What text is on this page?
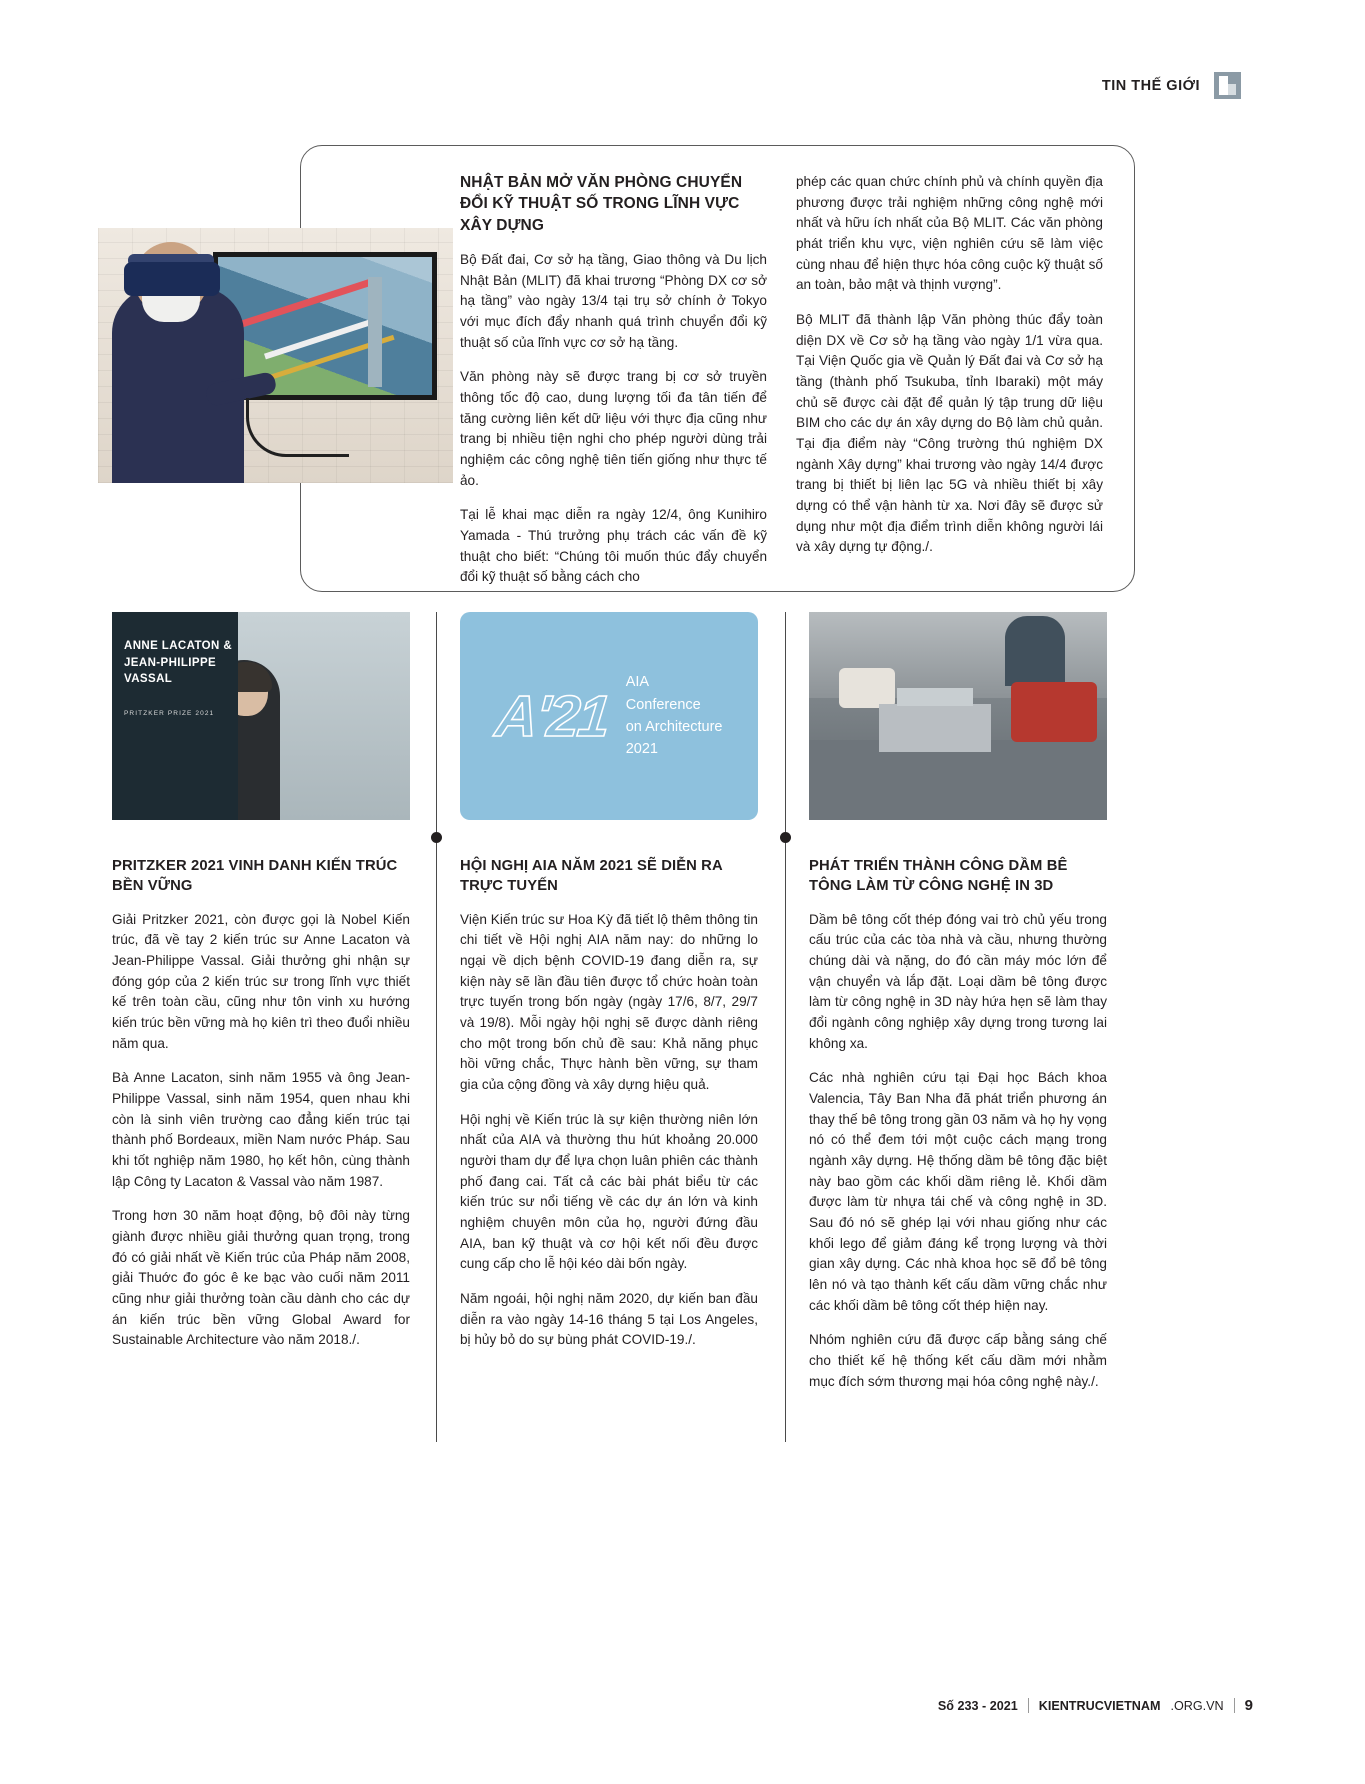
TIN THẾ GIỚI
NHẬT BẢN MỞ VĂN PHÒNG CHUYỂN ĐỔI KỸ THUẬT SỐ TRONG LĨNH VỰC XÂY DỰNG

Bộ Đất đai, Cơ sở hạ tầng, Giao thông và Du lịch Nhật Bản (MLIT) đã khai trương “Phòng DX cơ sở hạ tầng” vào ngày 13/4 tại trụ sở chính ở Tokyo với mục đích đẩy nhanh quá trình chuyển đổi kỹ thuật số của lĩnh vực cơ sở hạ tầng.

Văn phòng này sẽ được trang bị cơ sở truyền thông tốc độ cao, dung lượng tối đa tân tiến để tăng cường liên kết dữ liệu với thực địa cũng như trang bị nhiều tiện nghi cho phép người dùng trải nghiệm các công nghệ tiên tiến giống như thực tế ảo.

Tại lễ khai mạc diễn ra ngày 12/4, ông Kunihiro Yamada - Thú trưởng phụ trách các vấn đề kỹ thuật cho biết: “Chúng tôi muốn thúc đẩy chuyển đổi kỹ thuật số bằng cách cho

phép các quan chức chính phủ và chính quyền địa phương được trải nghiệm những công nghệ mới nhất và hữu ích nhất của Bộ MLIT. Các văn phòng phát triển khu vực, viện nghiên cứu sẽ làm việc cùng nhau để hiện thực hóa công cuộc kỹ thuật số an toàn, bảo mật và thịnh vượng”.

Bộ MLIT đã thành lập Văn phòng thúc đẩy toàn diện DX về Cơ sở hạ tầng vào ngày 1/1 vừa qua. Tại Viện Quốc gia về Quản lý Đất đai và Cơ sở hạ tầng (thành phố Tsukuba, tỉnh Ibaraki) một máy chủ sẽ được cài đặt để quản lý tập trung dữ liệu BIM cho các dự án xây dựng do Bộ làm chủ quản. Tại địa điểm này “Công trường thú nghiệm DX ngành Xây dựng” khai trương vào ngày 14/4 được trang bị thiết bị liên lạc 5G và nhiều thiết bị xây dựng có thể vận hành từ xa. Nơi đây sẽ được sử dụng như một địa điểm trình diễn không người lái và xây dựng tự động./.

ANNE LACATON & JEAN-PHILIPPE VASSAL
PRITZKER PRIZE 2021
PRITZKER 2021 VINH DANH KIẾN TRÚC BỀN VỮNG

Giải Pritzker 2021, còn được gọi là Nobel Kiến trúc, đã về tay 2 kiến trúc sư Anne Lacaton và Jean-Philippe Vassal. Giải thưởng ghi nhận sự đóng góp của 2 kiến trúc sư trong lĩnh vực thiết kế trên toàn cầu, cũng như tôn vinh xu hướng kiến trúc bền vững mà họ kiên trì theo đuổi nhiều năm qua.

Bà Anne Lacaton, sinh năm 1955 và ông Jean-Philippe Vassal, sinh năm 1954, quen nhau khi còn là sinh viên trường cao đẳng kiến trúc tại thành phố Bordeaux, miền Nam nước Pháp. Sau khi tốt nghiệp năm 1980, họ kết hôn, cùng thành lập Công ty Lacaton & Vassal vào năm 1987.

Trong hơn 30 năm hoạt động, bộ đôi này từng giành được nhiều giải thưởng quan trọng, trong đó có giải nhất về Kiến trúc của Pháp năm 2008, giải Thuớc đo góc ê ke bạc vào cuối năm 2011 cũng như giải thưởng toàn cầu dành cho các dự án kiến trúc bền vững Global Award for Sustainable Architecture vào năm 2018./.

A'21
AIA
Conference
on Architecture
2021
HỘI NGHỊ AIA NĂM 2021 SẼ DIỄN RA TRỰC TUYẾN

Viện Kiến trúc sư Hoa Kỳ đã tiết lộ thêm thông tin chi tiết về Hội nghị AIA năm nay: do những lo ngại về dịch bệnh COVID-19 đang diễn ra, sự kiện này sẽ lần đầu tiên được tổ chức hoàn toàn trực tuyến trong bốn ngày (ngày 17/6, 8/7, 29/7 và 19/8). Mỗi ngày hội nghị sẽ được dành riêng cho một trong bốn chủ đề sau: Khả năng phục hồi vững chắc, Thực hành bền vững, sự tham gia của cộng đồng và xây dựng hiệu quả.

Hội nghị về Kiến trúc là sự kiện thường niên lớn nhất của AIA và thường thu hút khoảng 20.000 người tham dự để lựa chọn luân phiên các thành phố đang cai. Tất cả các bài phát biểu từ các kiến trúc sư nổi tiếng về các dự án lớn và kinh nghiệm chuyên môn của họ, người đứng đầu AIA, ban kỹ thuật và cơ hội kết nối đều được cung cấp cho lễ hội kéo dài bốn ngày.

Năm ngoái, hội nghị năm 2020, dự kiến ban đầu diễn ra vào ngày 14-16 tháng 5 tại Los Angeles, bị hủy bỏ do sự bùng phát COVID-19./.

PHÁT TRIỂN THÀNH CÔNG DẦM BÊ TÔNG LÀM TỪ CÔNG NGHỆ IN 3D

Dầm bê tông cốt thép đóng vai trò chủ yếu trong cấu trúc của các tòa nhà và cầu, nhưng thường chúng dài và nặng, do đó cần máy móc lớn để vận chuyển và lắp đặt. Loại dầm bê tông được làm từ công nghệ in 3D này hứa hẹn sẽ làm thay đổi ngành công nghiệp xây dựng trong tương lai không xa.

Các nhà nghiên cứu tại Đại học Bách khoa Valencia, Tây Ban Nha đã phát triển phương án thay thế bê tông trong gần 03 năm và họ hy vọng nó có thể đem tới một cuộc cách mạng trong ngành xây dựng. Hệ thống dầm bê tông đặc biệt này bao gồm các khối dầm riêng lẻ. Khối dầm được làm từ nhựa tái chế và công nghệ in 3D. Sau đó nó sẽ ghép lại với nhau giống như các khối lego để giảm đáng kể trọng lượng và thời gian xây dựng. Các nhà khoa học sẽ đổ bê tông lên nó và tạo thành kết cấu dầm vững chắc như các khối dầm bê tông cốt thép hiện nay.

Nhóm nghiên cứu đã được cấp bằng sáng chế cho thiết kế hệ thống kết cấu dầm mới nhằm mục đích sớm thương mại hóa công nghệ này./.

Số 233 - 2021 KIENTRUCVIETNAM .ORG.VN 9
